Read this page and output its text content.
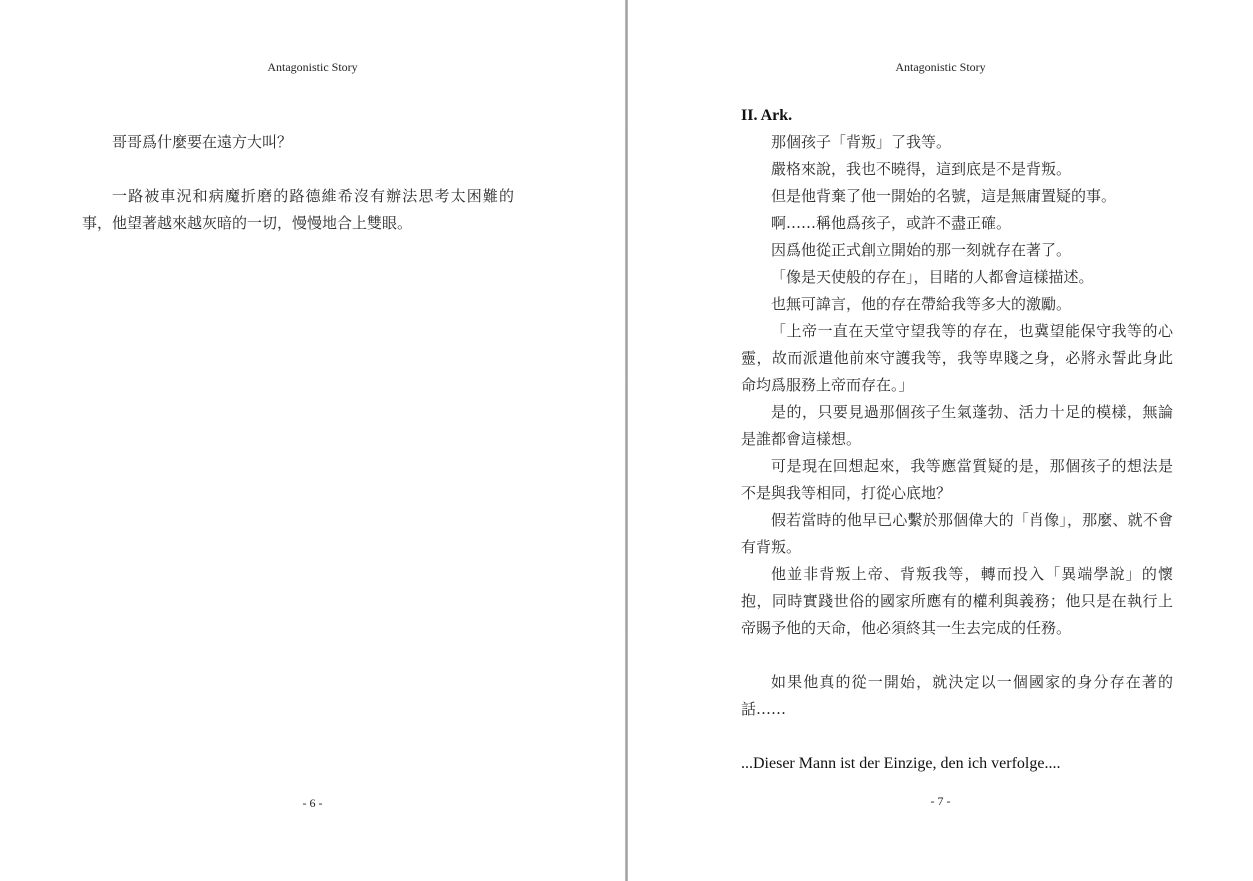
Antagonistic Story

哥哥爲什麼要在遠方大叫？

一路被車況和病魔折磨的路德維希沒有辦法思考太困難的事，他望著越來越灰暗的一切，慢慢地合上雙眼。

- 6 -
Antagonistic Story

II. Ark.

那個孩子「背叛」了我等。

嚴格來說，我也不曉得，這到底是不是背叛。

但是他背棄了他一開始的名號，這是無庸置疑的事。

啊……稱他爲孩子，或許不盡正確。

因爲他從正式創立開始的那一刻就存在著了。

「像是天使般的存在」，目睹的人都會這樣描述。

也無可諱言，他的存在帶給我等多大的激勵。

「上帝一直在天堂守望我等的存在，也冀望能保守我等的心靈，故而派遣他前來守護我等，我等卑賤之身，必將永誓此身此命均爲服務上帝而存在。」

是的，只要見過那個孩子生氣蓬勃、活力十足的模樣，無論是誰都會這樣想。

可是現在回想起來，我等應當質疑的是，那個孩子的想法是不是與我等相同，打從心底地？

假若當時的他早已心繫於那個偉大的「肖像」，那麼、就不會有背叛。

他並非背叛上帝、背叛我等，轉而投入「異端學說」的懷抱，同時實踐世俗的國家所應有的權利與義務；他只是在執行上帝賜予他的天命，他必須終其一生去完成的任務。

如果他真的從一開始，就決定以一個國家的身分存在著的話……

...Dieser Mann ist der Einzige, den ich verfolge....

- 7 -
